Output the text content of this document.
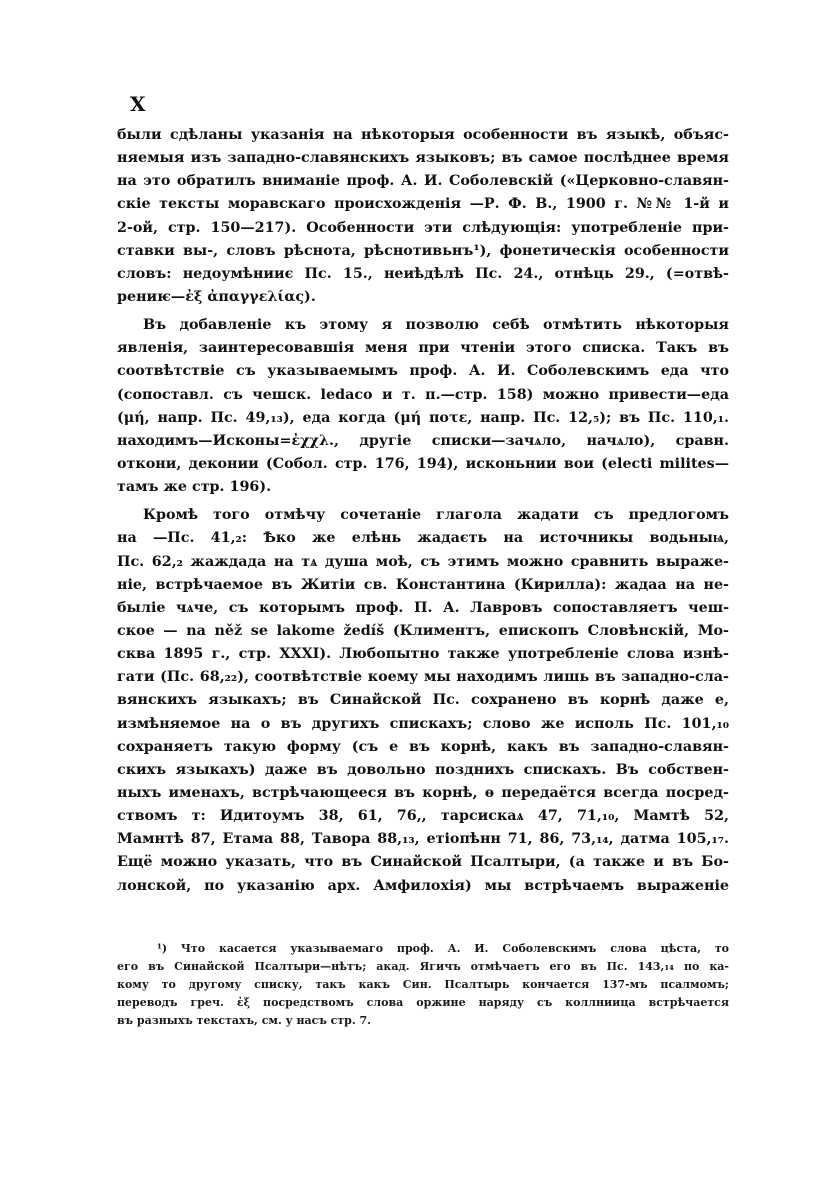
X
были сдѣланы указанія на нѣкоторыя особенности въ языкѣ, объяс-
няемыя изъ западно-славянскихъ языковъ; въ самое послѣднее время
на это обратилъ вниманіе проф. А. И. Соболевскій («Церковно-славян-
скіе тексты моравскаго происхожденія —Р. Ф. В., 1900 г. №№ 1-й и
2-ой, стр. 150—217). Особенности эти слѣдующія: употребленіе при-
ставки вы-, словъ рѣснота, рѣснотивьнъ¹), фонетическія особенности
словъ: недоумѣнииє Пс. 15., неиѣдѣлѣ Пс. 24., отнѣць 29., (=отвѣ-
рениѥ—ἐξ ἀπαγγελίας).
Въ добавленіе къ этому я позволю себѣ отмѣтить нѣкоторыя
явленія, заинтересовавшія меня при чтеніи этого списка. Такъ въ
соотвѣтствіе съ указываемымъ проф. А. И. Соболевскимъ еда что
(сопоставл. съ чешск. ledaco и т. п.—стр. 158) можно привести—еда
(μή, напр. Пс. 49,₁₃), еда когда (μή ποτε, напр. Пс. 12,₅); въ Пс. 110,₁.
находимъ—Исконы=ἐχχλ., другіе списки—зачѧло, начѧло), сравн.
откони, деконии (Собол. стр. 176, 194), исконьнии вои (electi milites—
тамъ же стр. 196).
Кромѣ того отмѣчу сочетаніе глагола жадати съ предлогомъ
на —Пс. 41,₂: Ѣко же елѣнь жадаєть на источникы водьныѩ,
Пс. 62,₂ жаждада на тѧ душа моѣ, съ этимъ можно сравнить выраже-
ніе, встрѣчаемое въ Житіи св. Константина (Кирилла): жадаа на не-
быліе чѧче, съ которымъ проф. П. А. Лавровъ сопоставляетъ чеш-
ское — na něž se lakome žedíš (Климентъ, епископъ Словѣнскій, Мо-
сква 1895 г., стр. XXXI). Любопытно также употребленіе слова изнѣ-
гати (Пс. 68,₂₂), соотвѣтствіе коему мы находимъ лишь въ западно-сла-
вянскихъ языкахъ; въ Синайской Пс. сохранено въ корнѣ даже е,
измѣняемое на о въ другихъ спискахъ; слово же исполь Пс. 101,₁₀
сохраняетъ такую форму (съ е въ корнѣ, какъ въ западно-славян-
скихъ языкахъ) даже въ довольно позднихъ спискахъ. Въ собствен-
ныхъ именахъ, встрѣчающееся въ корнѣ, ѳ передаётся всегда посред-
ствомъ т: Идитоумъ 38, 61, 76,, тарсискаѧ 47, 71,₁₀, Мамтѣ 52,
Мамнтѣ 87, Етама 88, Тавора 88,₁₃, етіопѣнн 71, 86, 73,₁₄, датма 105,₁₇.
Ещё можно указать, что въ Синайской Псалтыри, (а также и въ Бо-
лонской, по указанію арх. Амфилохія) мы встрѣчаемъ выраженіе
¹) Что касается указываемаго проф. А. И. Соболевскимъ слова цѣста, то
его въ Синайской Псалтыри—нѣтъ; акад. Ягичъ отмѣчаетъ его въ Пс. 143,₁₄ по ка-
кому то другому списку, такъ какъ Син. Псалтырь кончается 137-мъ псалмомъ;
переводъ греч. ἐξ посредствомъ слова оржине наряду съ коллниица встрѣчается
въ разныхъ текстахъ, см. у насъ стр. 7.
